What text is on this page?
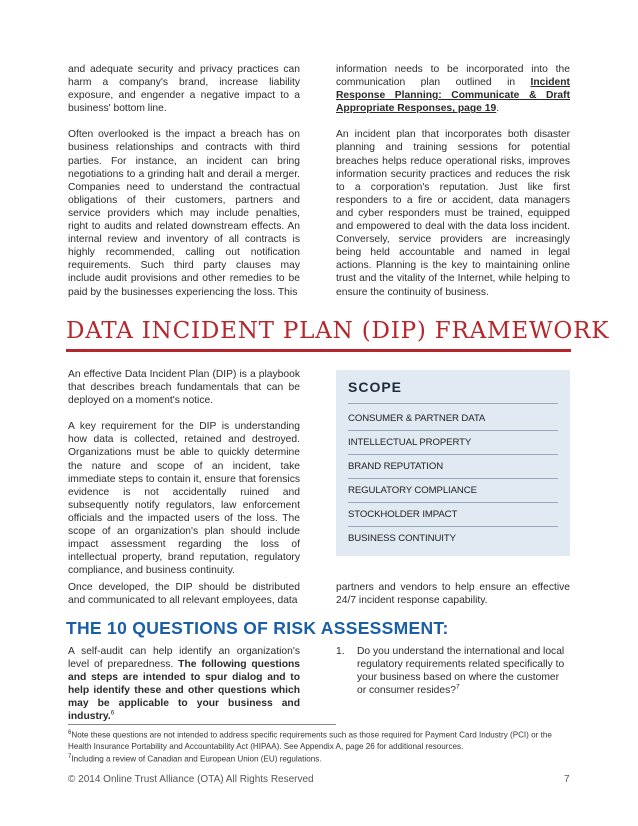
and adequate security and privacy practices can harm a company's brand, increase liability exposure, and engender a negative impact to a business' bottom line.

Often overlooked is the impact a breach has on business relationships and contracts with third parties. For instance, an incident can bring negotiations to a grinding halt and derail a merger. Companies need to understand the contractual obligations of their customers, partners and service providers which may include penalties, right to audits and related downstream effects. An internal review and inventory of all contracts is highly recommended, calling out notification requirements. Such third party clauses may include audit provisions and other remedies to be paid by the businesses experiencing the loss. This

information needs to be incorporated into the communication plan outlined in Incident Response Planning: Communicate & Draft Appropriate Responses, page 19.

An incident plan that incorporates both disaster planning and training sessions for potential breaches helps reduce operational risks, improves information security practices and reduces the risk to a corporation's reputation. Just like first responders to a fire or accident, data managers and cyber responders must be trained, equipped and empowered to deal with the data loss incident. Conversely, service providers are increasingly being held accountable and named in legal actions. Planning is the key to maintaining online trust and the vitality of the Internet, while helping to ensure the continuity of business.

DATA INCIDENT PLAN (DIP) FRAMEWORK

An effective Data Incident Plan (DIP) is a playbook that describes breach fundamentals that can be deployed on a moment's notice.

A key requirement for the DIP is understanding how data is collected, retained and destroyed. Organizations must be able to quickly determine the nature and scope of an incident, take immediate steps to contain it, ensure that forensics evidence is not accidentally ruined and subsequently notify regulators, law enforcement officials and the impacted users of the loss. The scope of an organization's plan should include impact assessment regarding the loss of intellectual property, brand reputation, regulatory compliance, and business continuity.

Once developed, the DIP should be distributed and communicated to all relevant employees, data

SCOPE
CONSUMER & PARTNER DATA
INTELLECTUAL PROPERTY
BRAND REPUTATION
REGULATORY COMPLIANCE
STOCKHOLDER IMPACT
BUSINESS CONTINUITY

partners and vendors to help ensure an effective 24/7 incident response capability.

THE 10 QUESTIONS OF RISK ASSESSMENT:

A self-audit can help identify an organization's level of preparedness. The following questions and steps are intended to spur dialog and to help identify these and other questions which may be applicable to your business and industry.$^6$

1. Do you understand the international and local regulatory requirements related specifically to your business based on where the customer or consumer resides?$^7$

$^6$Note these questions are not intended to address specific requirements such as those required for Payment Card Industry (PCI) or the Health Insurance Portability and Accountability Act (HIPAA). See Appendix A, page 26 for additional resources.

$^7$Including a review of Canadian and European Union (EU) regulations.

© 2014 Online Trust Alliance (OTA) All Rights Reserved	7
